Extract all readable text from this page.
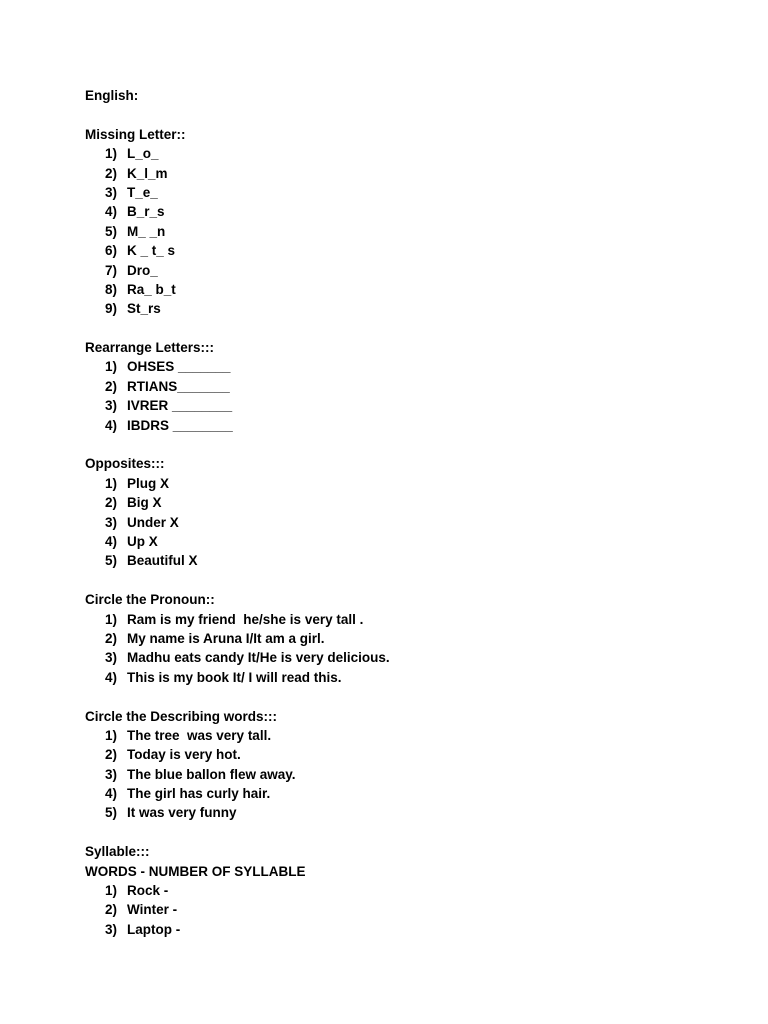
English:
Missing Letter::
1) L_o_
2) K_l_m
3) T_e_
4) B_r_s
5) M_ _n
6) K _ t_ s
7) Dro_
8) Ra_ b_t
9) St_rs
Rearrange Letters:::
1) OHSES _______
2) RTIANS_______
3) IVRER ________
4) IBDRS ________
Opposites:::
1) Plug X
2) Big X
3) Under X
4) Up X
5) Beautiful X
Circle the Pronoun::
1) Ram is my friend  he/she is very tall .
2) My name is Aruna I/It am a girl.
3) Madhu eats candy It/He is very delicious.
4) This is my book It/ I will read this.
Circle the Describing words:::
1) The tree  was very tall.
2) Today is very hot.
3) The blue ballon flew away.
4) The girl has curly hair.
5) It was very funny
Syllable:::
WORDS - NUMBER OF SYLLABLE
1) Rock -
2) Winter -
3) Laptop -
